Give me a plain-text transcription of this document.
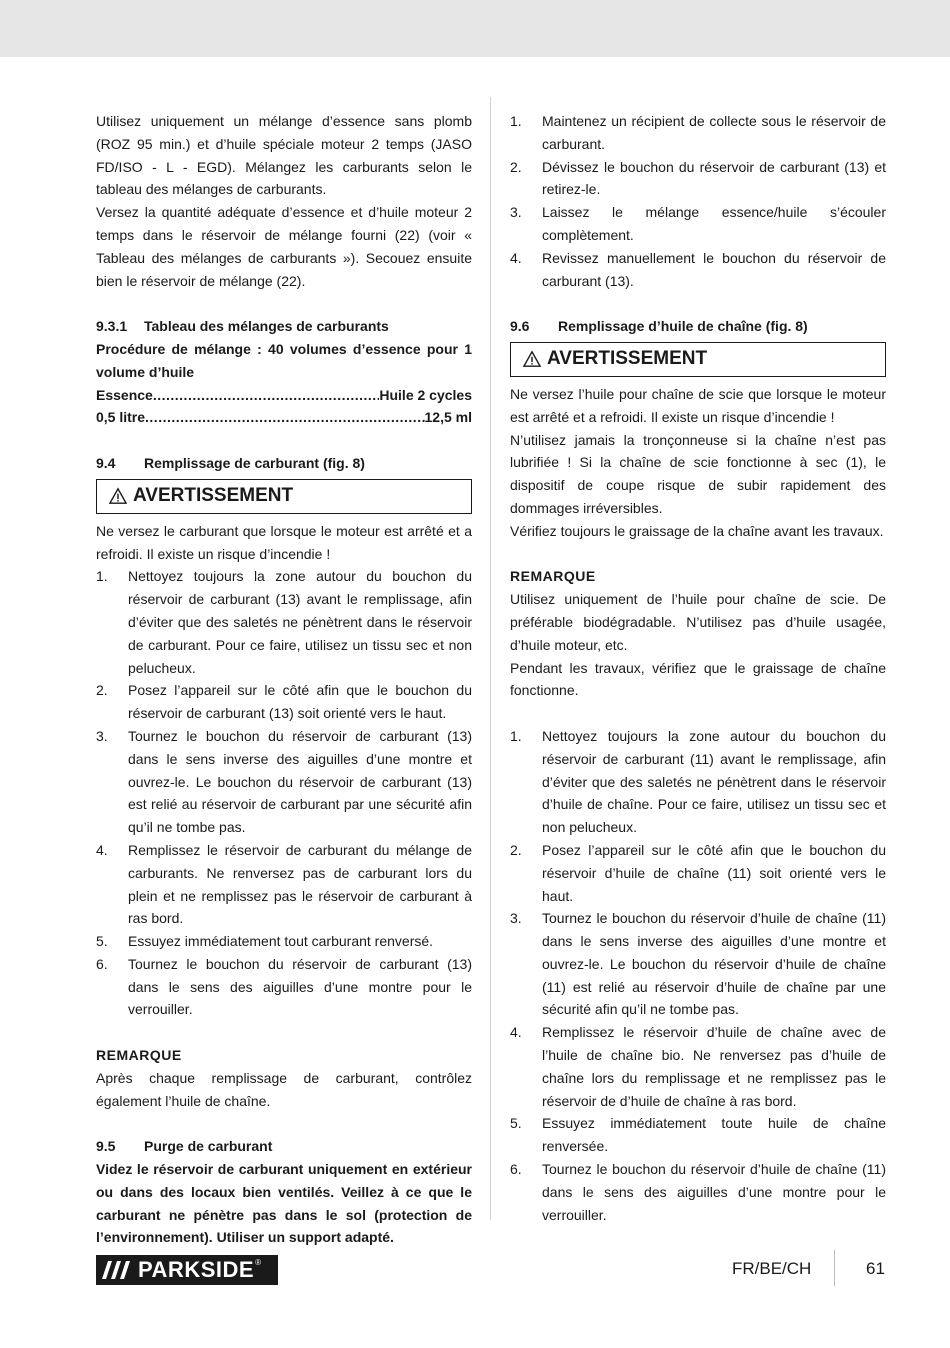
Utilisez uniquement un mélange d’essence sans plomb (ROZ 95 min.) et d’huile spéciale moteur 2 temps (JASO FD/ISO - L - EGD). Mélangez les carburants selon le tableau des mélanges de carburants.

Versez la quantité adéquate d’essence et d’huile moteur 2 temps dans le réservoir de mélange fourni (22) (voir « Tableau des mélanges de carburants »). Secouez ensuite bien le réservoir de mélange (22).

9.3.1 Tableau des mélanges de carburants

Procédure de mélange : 40 volumes d’essence pour 1 volume d’huile

Essence .....	Huile 2 cycles
0,5 litre .....	12,5 ml
9.4 Remplissage de carburant (fig. 8)
AVERTISSEMENT

Ne versez le carburant que lorsque le moteur est arrêté et a refroidi. Il existe un risque d’incendie !

1.	Nettoyez toujours la zone autour du bouchon du réservoir de carburant (13) avant le remplissage, afin d’éviter que des saletés ne pénètrent dans le réservoir de carburant. Pour ce faire, utilisez un tissu sec et non pelucheux.
2.	Posez l’appareil sur le côté afin que le bouchon du réservoir de carburant (13) soit orienté vers le haut.
3.	Tournez le bouchon du réservoir de carburant (13) dans le sens inverse des aiguilles d’une montre et ouvrez-le. Le bouchon du réservoir de carburant (13) est relié au réservoir de carburant par une sécurité afin qu’il ne tombe pas.
4.	Remplissez le réservoir de carburant du mélange de carburants. Ne renversez pas de carburant lors du plein et ne remplissez pas le réservoir de carburant à ras bord.
5.	Essuyez immédiatement tout carburant renversé.
6.	Tournez le bouchon du réservoir de carburant (13) dans le sens des aiguilles d’une montre pour le verrouiller.

REMARQUE

Après chaque remplissage de carburant, contrôlez également l’huile de chaîne.

9.5 Purge de carburant

Videz le réservoir de carburant uniquement en extérieur ou dans des locaux bien ventilés. Veillez à ce que le carburant ne pénètre pas dans le sol (protection de l’environnement). Utiliser un support adapté.

1.	Maintenez un récipient de collecte sous le réservoir de carburant.
2.	Dévissez le bouchon du réservoir de carburant (13) et retirez-le.
3.	Laissez le mélange essence/huile s’écouler complètement.
4.	Revissez manuellement le bouchon du réservoir de carburant (13).
9.6 Remplissage d’huile de chaîne (fig. 8)
AVERTISSEMENT

Ne versez l’huile pour chaîne de scie que lorsque le moteur est arrêté et a refroidi. Il existe un risque d’incendie !

N’utilisez jamais la tronçonneuse si la chaîne n’est pas lubrifiée ! Si la chaîne de scie fonctionne à sec (1), le dispositif de coupe risque de subir rapidement des dommages irréversibles.

Vérifiez toujours le graissage de la chaîne avant les travaux.

REMARQUE

Utilisez uniquement de l’huile pour chaîne de scie. De préférable biodégradable. N’utilisez pas d’huile usagée, d’huile moteur, etc.

Pendant les travaux, vérifiez que le graissage de chaîne fonctionne.

1.	Nettoyez toujours la zone autour du bouchon du réservoir de carburant (11) avant le remplissage, afin d’éviter que des saletés ne pénètrent dans le réservoir d’huile de chaîne. Pour ce faire, utilisez un tissu sec et non pelucheux.
2.	Posez l’appareil sur le côté afin que le bouchon du réservoir d’huile de chaîne (11) soit orienté vers le haut.
3.	Tournez le bouchon du réservoir d’huile de chaîne (11) dans le sens inverse des aiguilles d’une montre et ouvrez-le. Le bouchon du réservoir d’huile de chaîne (11) est relié au réservoir d’huile de chaîne par une sécurité afin qu’il ne tombe pas.
4.	Remplissez le réservoir d’huile de chaîne avec de l’huile de chaîne bio. Ne renversez pas d’huile de chaîne lors du remplissage et ne remplissez pas le réservoir de d’huile de chaîne à ras bord.
5.	Essuyez immédiatement toute huile de chaîne renversée.
6.	Tournez le bouchon du réservoir d’huile de chaîne (11) dans le sens des aiguilles d’une montre pour le verrouiller.
PARKSIDE ®	FR/BE/CH	61
